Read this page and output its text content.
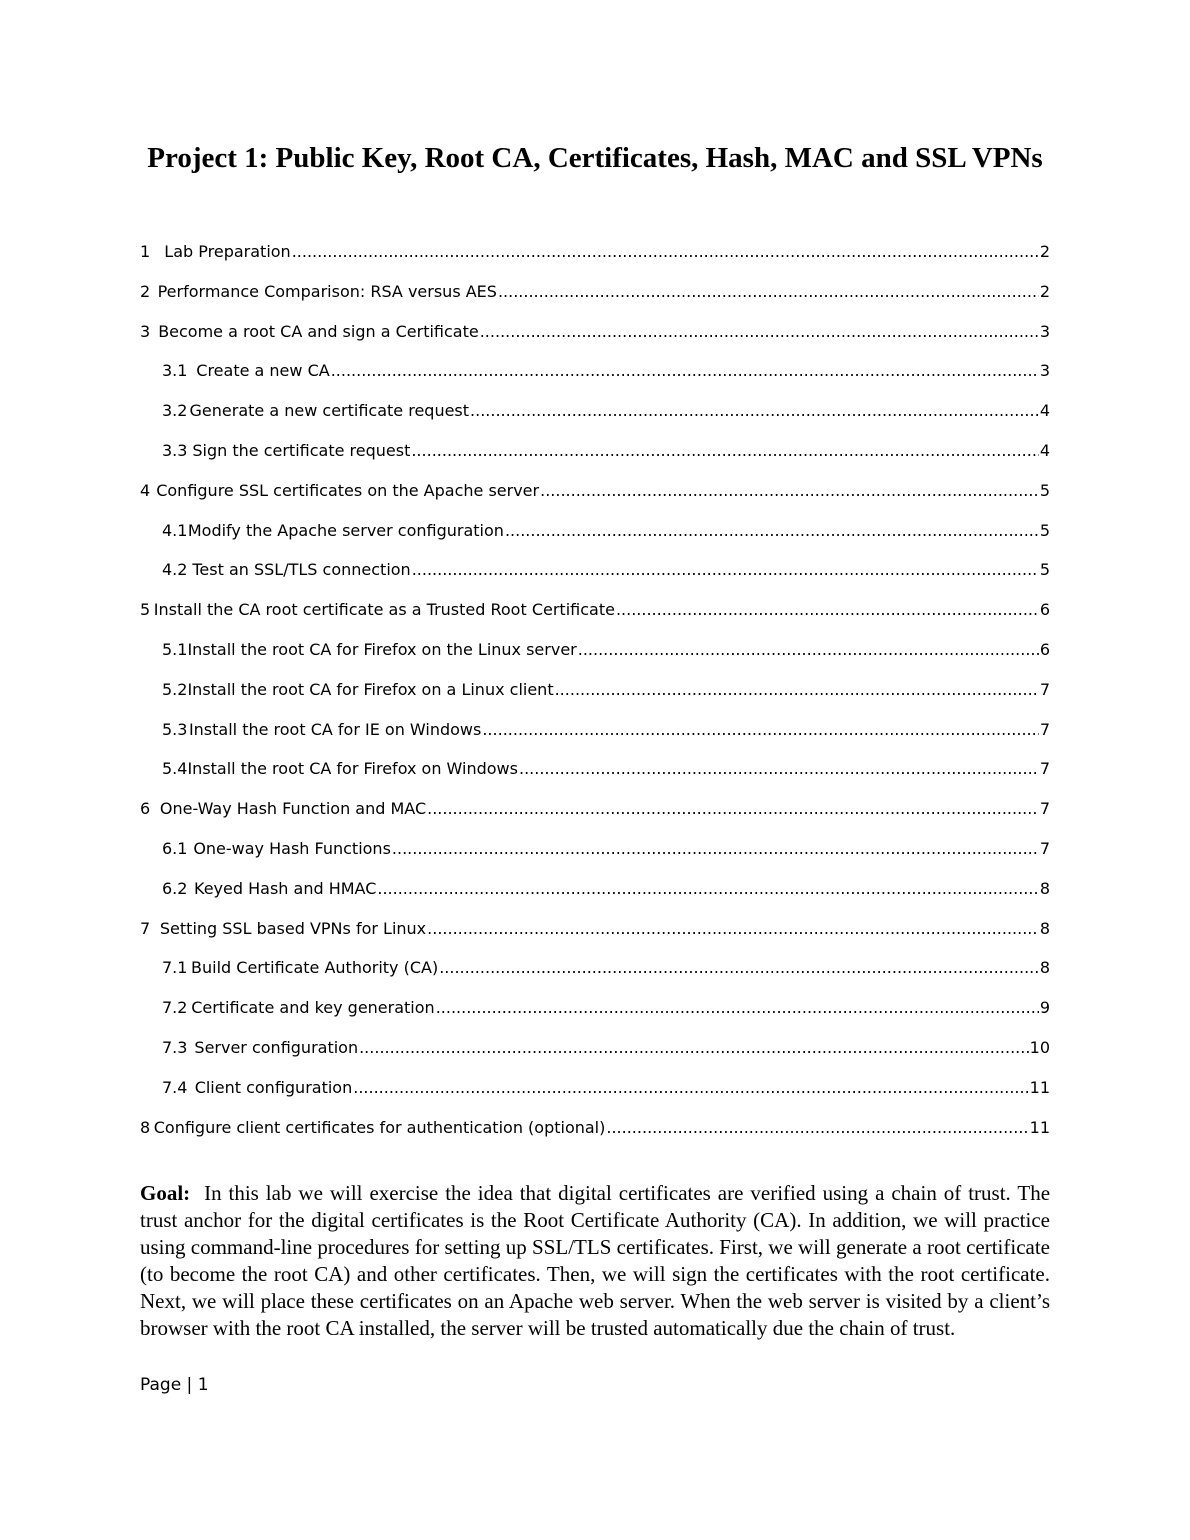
Project 1: Public Key, Root CA, Certificates, Hash, MAC and SSL VPNs
1 Lab Preparation .....	2
2 Performance Comparison: RSA versus AES .....	2
3 Become a root CA and sign a Certificate .....	3
3.1 Create a new CA .....	3
3.2 Generate a new certificate request .....	4
3.3 Sign the certificate request .....	4
4 Configure SSL certificates on the Apache server .....	5
4.1 Modify the Apache server configuration .....	5
4.2 Test an SSL/TLS connection .....	5
5 Install the CA root certificate as a Trusted Root Certificate .....	6
5.1 Install the root CA for Firefox on the Linux server .....	6
5.2 Install the root CA for Firefox on a Linux client .....	7
5.3 Install the root CA for IE on Windows .....	7
5.4 Install the root CA for Firefox on Windows .....	7
6 One-Way Hash Function and MAC .....	7
6.1 One-way Hash Functions .....	7
6.2 Keyed Hash and HMAC .....	8
7 Setting SSL based VPNs for Linux .....	8
7.1 Build Certificate Authority (CA) .....	8
7.2 Certificate and key generation .....	9
7.3 Server configuration .....	10
7.4 Client configuration .....	11
8 Configure client certificates for authentication (optional) .....	11

Goal: In this lab we will exercise the idea that digital certificates are verified using a chain of trust. The trust anchor for the digital certificates is the Root Certificate Authority (CA). In addition, we will practice using command-line procedures for setting up SSL/TLS certificates. First, we will generate a root certificate (to become the root CA) and other certificates. Then, we will sign the certificates with the root certificate. Next, we will place these certificates on an Apache web server. When the web server is visited by a client’s browser with the root CA installed, the server will be trusted automatically due the chain of trust.

Page | 1
